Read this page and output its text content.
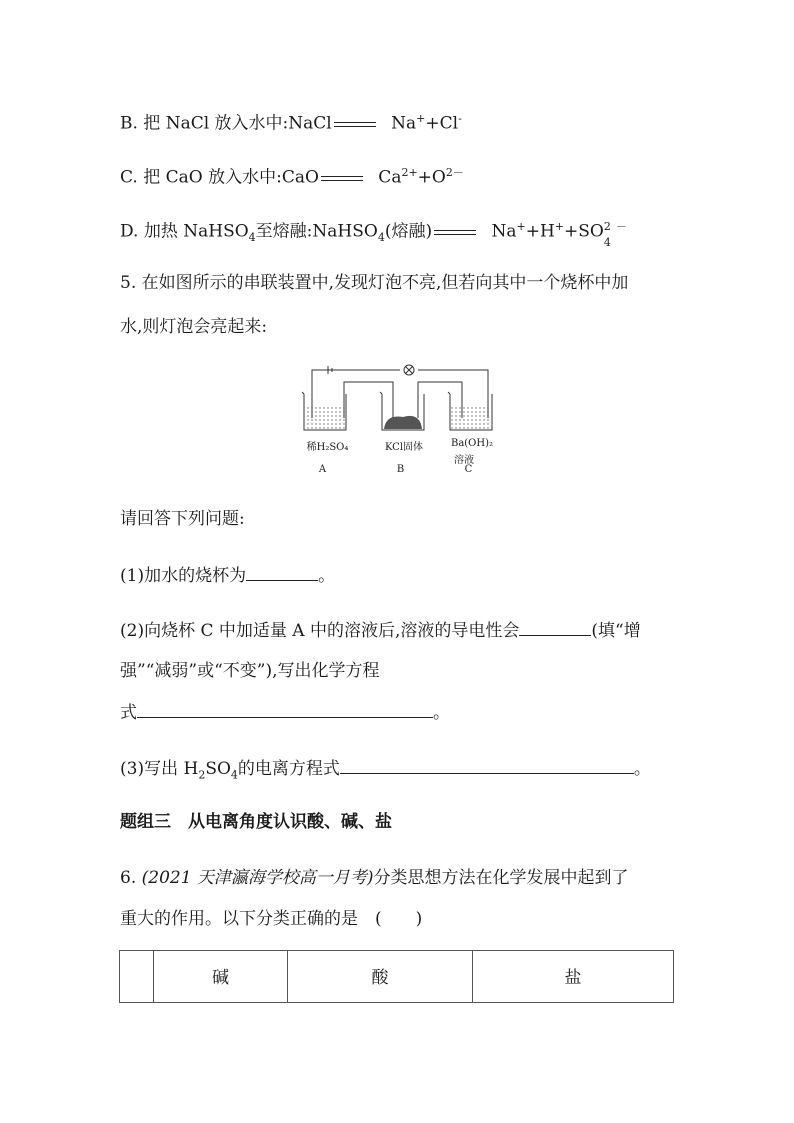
B. 把 NaCl 放入水中:NaCl	Na++Cl-
C. 把 CaO 放入水中:CaO	$Ca^{2+}+O^{2-}$
D. 加热 NaHSO$_4$至熔融:NaHSO$_4$(熔融)	Na++H++SO 2
4
－
5. 在如图所示的串联装置中,发现灯泡不亮,但若向其中一个烧杯中加
水,则灯泡会亮起来:
稀H₂SO₄	KCl固体	Ba(OH)₂
溶液
A	B	C
请回答下列问题:
(1)加水的烧杯为	。
(2)向烧杯 C 中加适量 A 中的溶液后,溶液的导电性会	(填“增
强”“减弱”或“不变”),写出化学方程
式	。
(3)写出 $H_2SO_4$的电离方程式	。
题组三　从电离角度认识酸、碱、盐
6. (2021 天津瀛海学校高一月考)分类思想方法在化学发展中起到了
重大的作用。以下分类正确的是　(　　)
	碱	酸	盐
